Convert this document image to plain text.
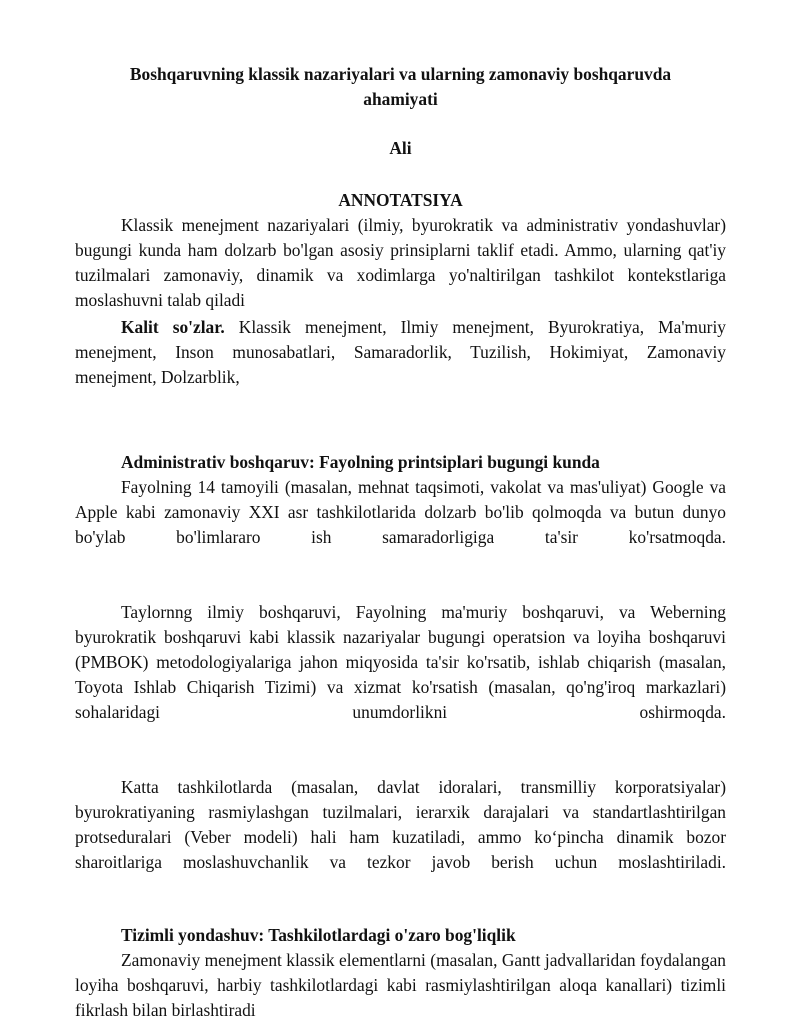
Boshqaruvning klassik nazariyalari va ularning zamonaviy boshqaruvda ahamiyati
Ali
ANNOTATSIYA

Klassik menejment nazariyalari (ilmiy, byurokratik va administrativ yondashuvlar) bugungi kunda ham dolzarb bo'lgan asosiy prinsiplarni taklif etadi. Ammo, ularning qat'iy tuzilmalari zamonaviy, dinamik va xodimlarga yo'naltirilgan tashkilot kontekstlariga moslashuvni talab qiladi

Kalit so'zlar. Klassik menejment, Ilmiy menejment, Byurokratiya, Ma'muriy menejment, Inson munosabatlari, Samaradorlik, Tuzilish, Hokimiyat, Zamonaviy menejment, Dolzarblik,

Administrativ boshqaruv: Fayolning printsiplari bugungi kunda

Fayolning 14 tamoyili (masalan, mehnat taqsimoti, vakolat va mas'uliyat) Google va Apple kabi zamonaviy XXI asr tashkilotlarida dolzarb bo'lib qolmoqda va butun dunyo bo'ylab bo'limlararo ish samaradorligiga ta'sir ko'rsatmoqda.

Taylornng ilmiy boshqaruvi, Fayolning ma'muriy boshqaruvi, va Weberning byurokratik boshqaruvi kabi klassik nazariyalar bugungi operatsion va loyiha boshqaruvi (PMBOK) metodologiyalariga jahon miqyosida ta'sir ko'rsatib, ishlab chiqarish (masalan, Toyota Ishlab Chiqarish Tizimi) va xizmat ko'rsatish (masalan, qo'ng'iroq markazlari) sohalaridagi unumdorlikni oshirmoqda.

Katta tashkilotlarda (masalan, davlat idoralari, transmilliy korporatsiyalar) byurokratiyaning rasmiylashgan tuzilmalari, ierarxik darajalari va standartlashtirilgan protseduralari (Veber modeli) hali ham kuzatiladi, ammo ko‘pincha dinamik bozor sharoitlariga moslashuvchanlik va tezkor javob berish uchun moslashtiriladi.

Tizimli yondashuv: Tashkilotlardagi o'zaro bog'liqlik

Zamonaviy menejment klassik elementlarni (masalan, Gantt jadvallaridan foydalangan loyiha boshqaruvi, harbiy tashkilotlardagi kabi rasmiylashtirilgan aloqa kanallari) tizimli fikrlash bilan birlashtiradi
